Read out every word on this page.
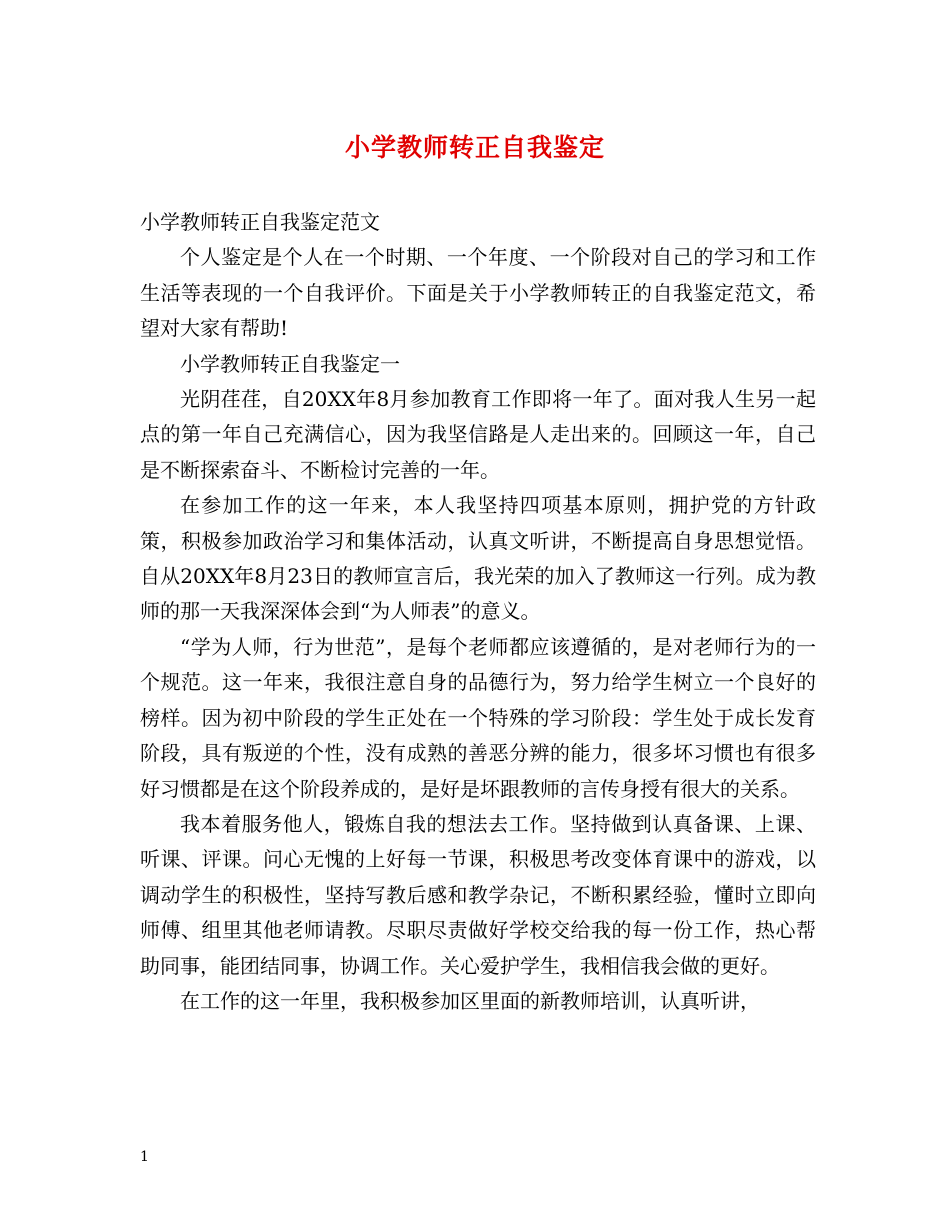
小学教师转正自我鉴定

小学教师转正自我鉴定范文

个人鉴定是个人在一个时期、一个年度、一个阶段对自己的学习和工作生活等表现的一个自我评价。下面是关于小学教师转正的自我鉴定范文，希望对大家有帮助!

小学教师转正自我鉴定一

光阴荏荏，自20XX年8月参加教育工作即将一年了。面对我人生另一起点的第一年自己充满信心，因为我坚信路是人走出来的。回顾这一年，自己是不断探索奋斗、不断检讨完善的一年。

在参加工作的这一年来，本人我坚持四项基本原则，拥护党的方针政策，积极参加政治学习和集体活动，认真文听讲，不断提高自身思想觉悟。自从20XX年8月23日的教师宣言后，我光荣的加入了教师这一行列。成为教师的那一天我深深体会到“为人师表”的意义。

“学为人师，行为世范”，是每个老师都应该遵循的，是对老师行为的一个规范。这一年来，我很注意自身的品德行为，努力给学生树立一个良好的榜样。因为初中阶段的学生正处在一个特殊的学习阶段：学生处于成长发育阶段，具有叛逆的个性，没有成熟的善恶分辨的能力，很多坏习惯也有很多好习惯都是在这个阶段养成的，是好是坏跟教师的言传身授有很大的关系。

我本着服务他人，锻炼自我的想法去工作。坚持做到认真备课、上课、听课、评课。问心无愧的上好每一节课，积极思考改变体育课中的游戏，以调动学生的积极性，坚持写教后感和教学杂记，不断积累经验，懂时立即向师傅、组里其他老师请教。尽职尽责做好学校交给我的每一份工作，热心帮助同事，能团结同事，协调工作。关心爱护学生，我相信我会做的更好。

在工作的这一年里，我积极参加区里面的新教师培训，认真听讲，

1
